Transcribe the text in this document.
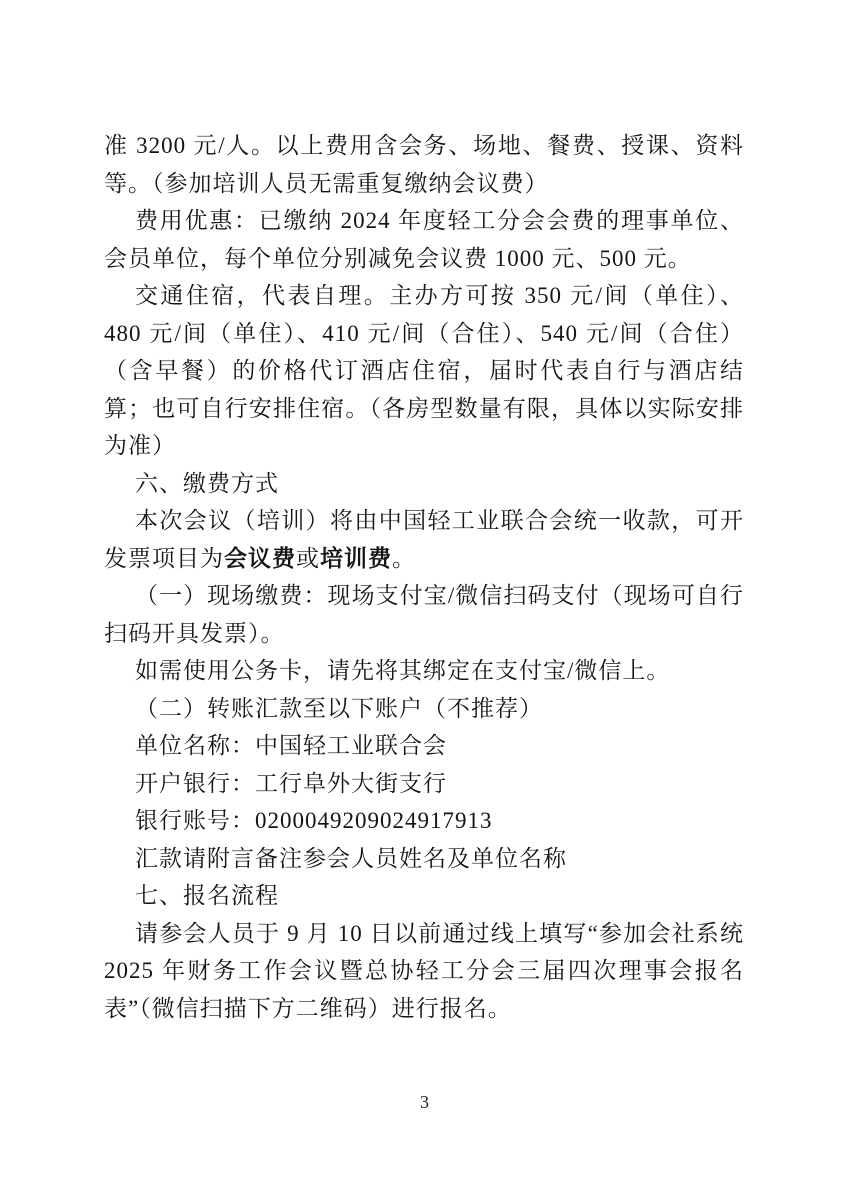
准 3200 元/人。以上费用含会务、场地、餐费、授课、资料等。（参加培训人员无需重复缴纳会议费）

费用优惠：已缴纳 2024 年度轻工分会会费的理事单位、会员单位，每个单位分别减免会议费 1000 元、500 元。

交通住宿，代表自理。主办方可按 350 元/间（单住）、480 元/间（单住）、410 元/间（合住）、540 元/间（合住）（含早餐）的价格代订酒店住宿，届时代表自行与酒店结算；也可自行安排住宿。（各房型数量有限，具体以实际安排为准）

六、缴费方式

本次会议（培训）将由中国轻工业联合会统一收款，可开发票项目为会议费或培训费。

（一）现场缴费：现场支付宝/微信扫码支付（现场可自行扫码开具发票）。

如需使用公务卡，请先将其绑定在支付宝/微信上。

（二）转账汇款至以下账户（不推荐）

单位名称：中国轻工业联合会

开户银行：工行阜外大街支行

银行账号：0200049209024917913

汇款请附言备注参会人员姓名及单位名称

七、报名流程

请参会人员于 9 月 10 日以前通过线上填写“参加会社系统 2025 年财务工作会议暨总协轻工分会三届四次理事会报名表”（微信扫描下方二维码）进行报名。

3
